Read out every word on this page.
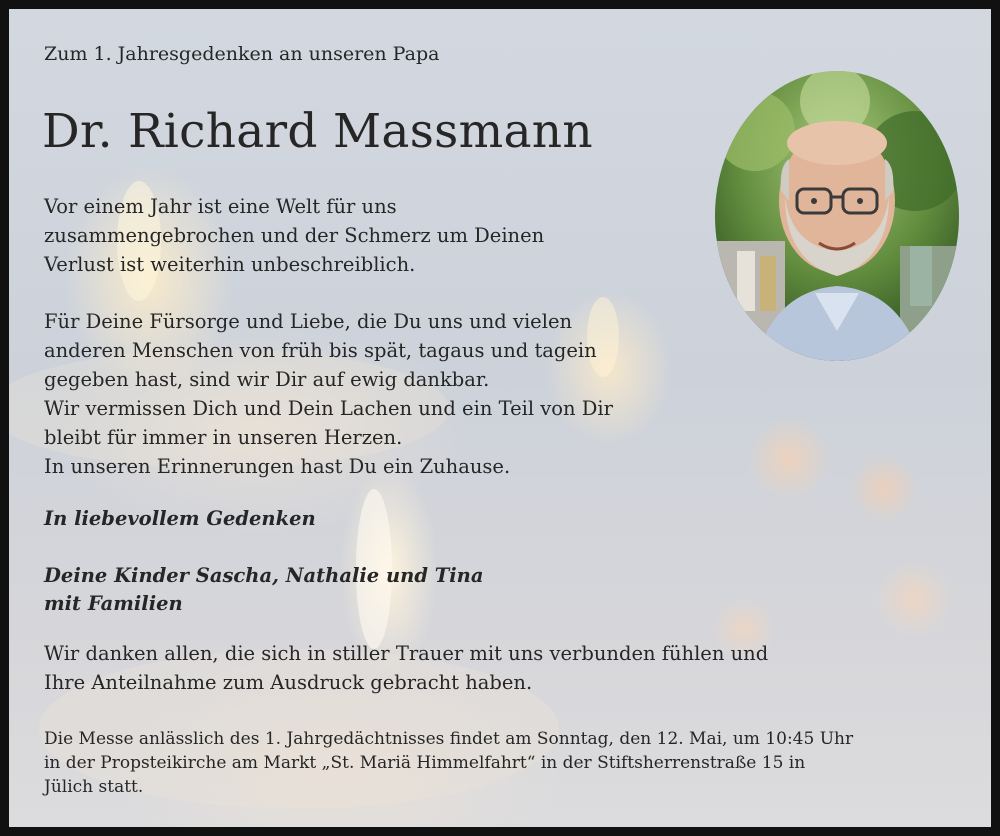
Zum 1. Jahresgedenken an unseren Papa

Dr. Richard Massmann

Vor einem Jahr ist eine Welt für uns
zusammengebrochen und der Schmerz um Deinen
Verlust ist weiterhin unbeschreiblich.

Für Deine Fürsorge und Liebe, die Du uns und vielen
anderen Menschen von früh bis spät, tagaus und tagein
gegeben hast, sind wir Dir auf ewig dankbar.
Wir vermissen Dich und Dein Lachen und ein Teil von Dir
bleibt für immer in unseren Herzen.
In unseren Erinnerungen hast Du ein Zuhause.

In liebevollem Gedenken

Deine Kinder Sascha, Nathalie und Tina
mit Familien

Wir danken allen, die sich in stiller Trauer mit uns verbunden fühlen und
Ihre Anteilnahme zum Ausdruck gebracht haben.

Die Messe anlässlich des 1. Jahrgedächtnisses findet am Sonntag, den 12. Mai, um 10:45 Uhr
in der Propsteikirche am Markt „St. Mariä Himmelfahrt“ in der Stiftsherrenstraße 15 in
Jülich statt.
